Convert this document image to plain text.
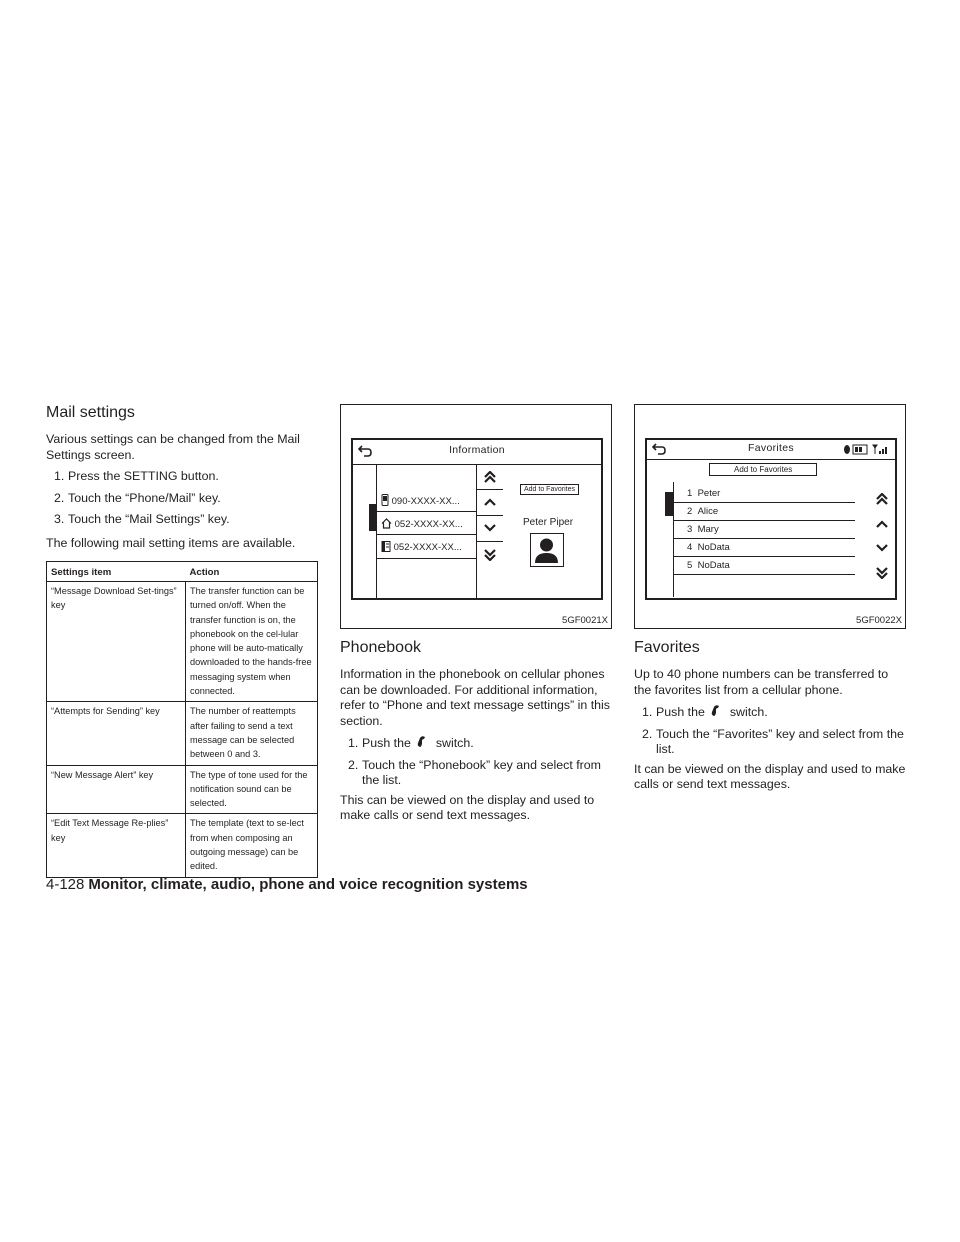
Mail settings

Various settings can be changed from the Mail Settings screen.

1. Press the SETTING button.
2. Touch the “Phone/Mail” key.
3. Touch the “Mail Settings” key.

The following mail setting items are available.

Settings item	Action
“Message Download Set-tings” key	The transfer function can be turned on/off. When the transfer function is on, the phonebook on the cel-lular phone will be auto-matically downloaded to the hands-free messaging system when connected.
“Attempts for Sending” key	The number of reattempts after failing to send a text message can be selected between 0 and 3.
“New Message Alert” key	The type of tone used for the notification sound can be selected.
“Edit Text Message Re-plies” key	The template (text to se-lect from when composing an outgoing message) can be edited.
Information
090-XXXX-XX...
052-XXXX-XX...
052-XXXX-XX...
Add to Favorites
Peter Piper
5GF0021X
Phonebook

Information in the phonebook on cellular phones can be downloaded. For additional information, refer to “Phone and text message settings” in this section.

1. Push the switch.
2. Touch the “Phonebook” key and select from the list.

This can be viewed on the display and used to make calls or send text messages.

Favorites
Add to Favorites
1 Peter
2 Alice
3 Mary
4 NoData
5 NoData
5GF0022X
Favorites

Up to 40 phone numbers can be transferred to the favorites list from a cellular phone.

1. Push the switch.
2. Touch the “Favorites” key and select from the list.

It can be viewed on the display and used to make calls or send text messages.

4-128 Monitor, climate, audio, phone and voice recognition systems
